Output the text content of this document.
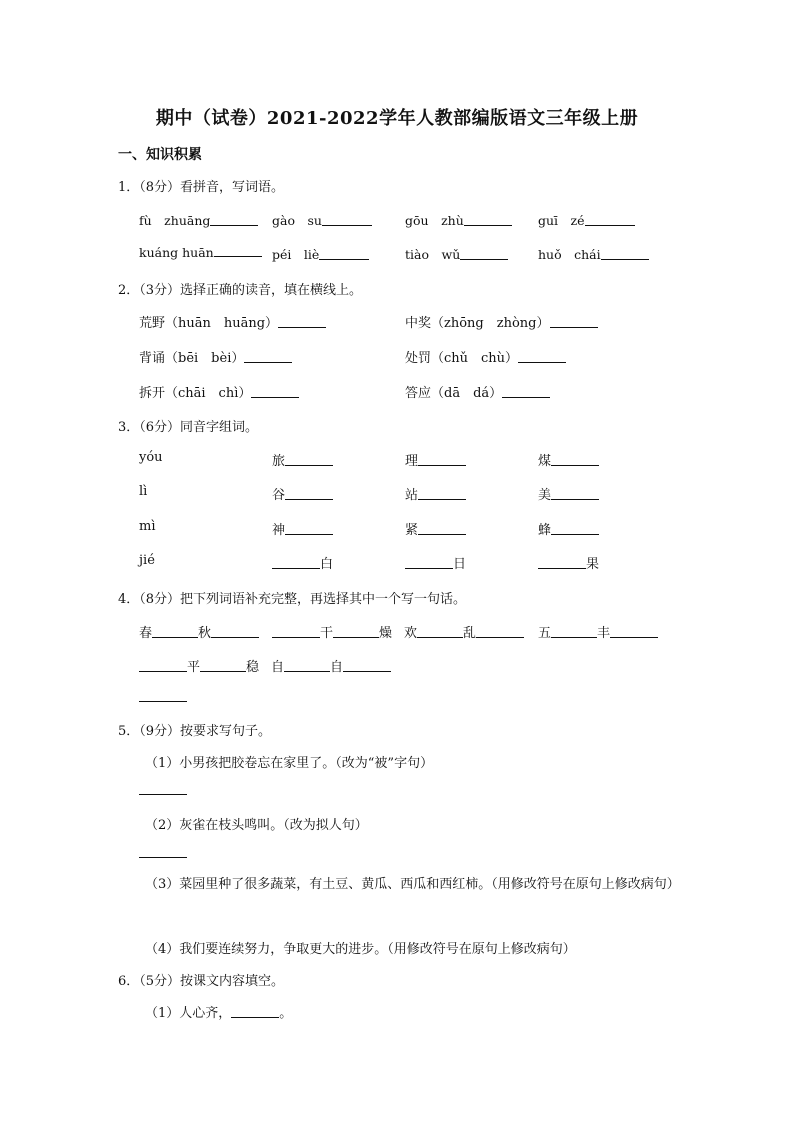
期中（试卷）2021-2022学年人教部编版语文三年级上册
一、知识积累
1．（8分）看拼音，写词语。
fù　zhuāng	gào　su	gōu　zhù	guī　zé
kuáng huān	péi　liè	tiào　wǔ	huǒ　chái
2．（3分）选择正确的读音，填在横线上。
荒野（huān　huāng）	中奖（zhōng　zhòng）
背诵（bēi　bèi）	处罚（chǔ　chù）
拆开（chāi　chì）	答应（dā　dá）
3．（6分）同音字组词。
yóu	旅	理	煤
lì	谷	站	美
mì	神	紧	蜂
jié	白	日	果
4．（8分）把下列词语补充完整，再选择其中一个写一句话。
春	秋	干	燥 欢	乱	五	丰
平	稳 自	自
5．（9分）按要求写句子。
（1）小男孩把胶卷忘在家里了。（改为“被”字句）
（2）灰雀在枝头鸣叫。（改为拟人句）
（3）菜园里种了很多蔬菜，有土豆、黄瓜、西瓜和西红柿。（用修改符号在原句上修改病句）
（4）我们要连续努力，争取更大的进步。（用修改符号在原句上修改病句）
6．（5分）按课文内容填空。
（1）人心齐，	。
